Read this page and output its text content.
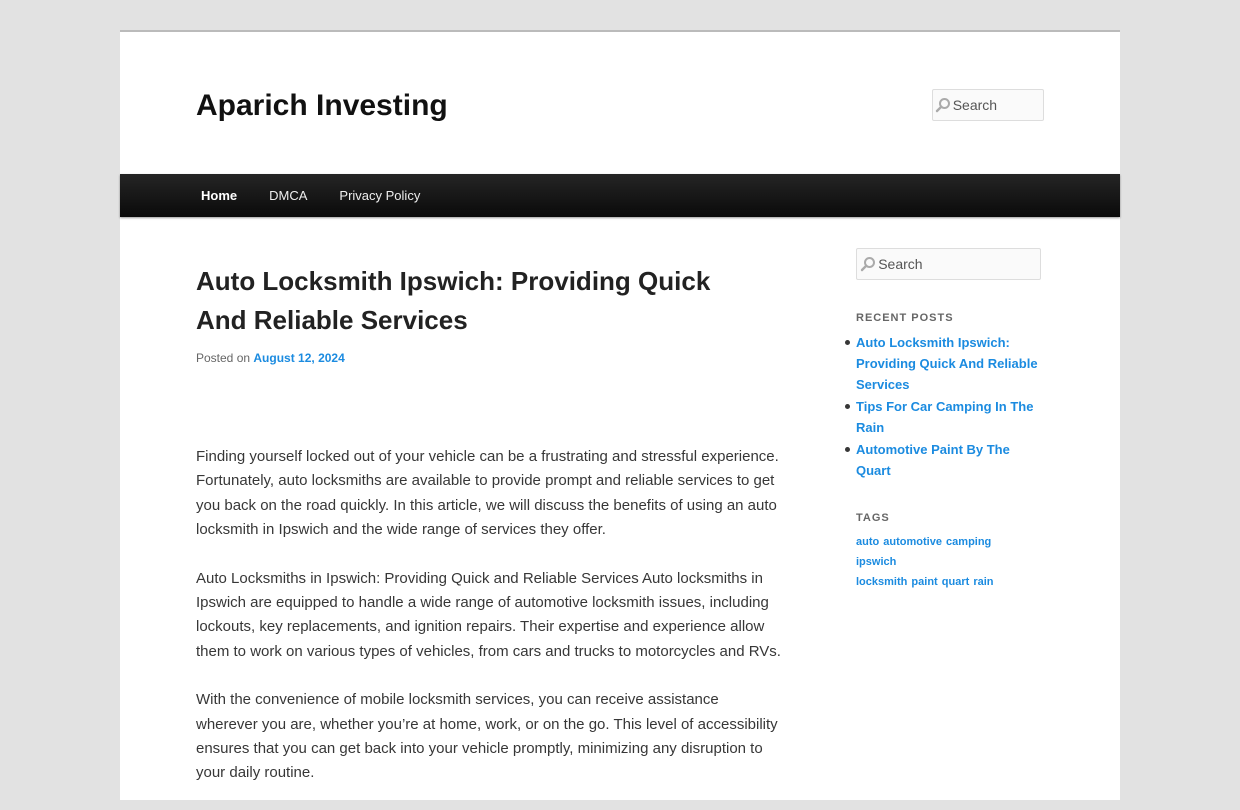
Aparich Investing
Search
Home	DMCA	Privacy Policy
Auto Locksmith Ipswich: Providing Quick And Reliable Services
Posted on August 12, 2024

Finding yourself locked out of your vehicle can be a frustrating and stressful experience. Fortunately, auto locksmiths are available to provide prompt and reliable services to get you back on the road quickly. In this article, we will discuss the benefits of using an auto locksmith in Ipswich and the wide range of services they offer.

Auto Locksmiths in Ipswich: Providing Quick and Reliable Services Auto locksmiths in Ipswich are equipped to handle a wide range of automotive locksmith issues, including lockouts, key replacements, and ignition repairs. Their expertise and experience allow them to work on various types of vehicles, from cars and trucks to motorcycles and RVs.

With the convenience of mobile locksmith services, you can receive assistance wherever you are, whether you’re at home, work, or on the go. This level of accessibility ensures that you can get back into your vehicle promptly, minimizing any disruption to your daily routine.

Search
RECENT POSTS
Auto Locksmith Ipswich: Providing Quick And Reliable Services
Tips For Car Camping In The Rain
Automotive Paint By The Quart
TAGS
auto automotive camping ipswich
locksmith paint quart rain
